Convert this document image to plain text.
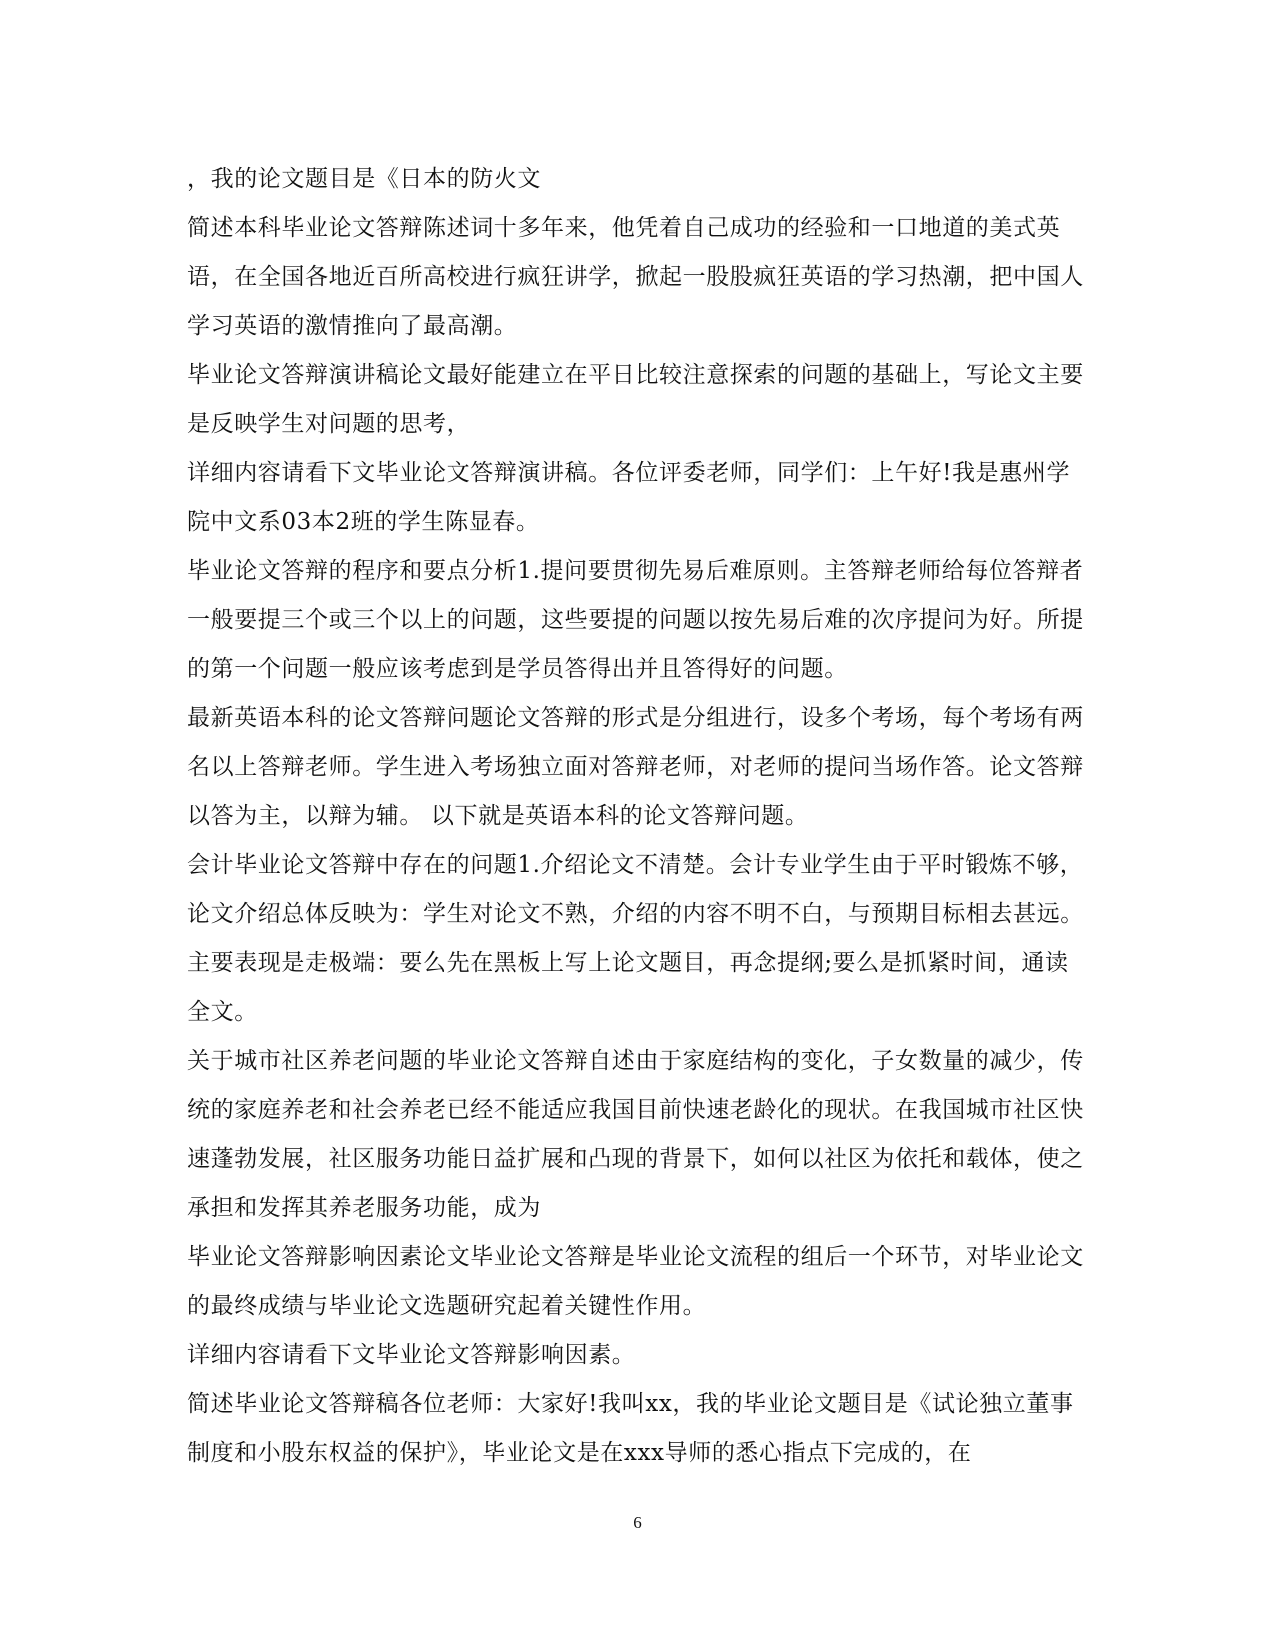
，我的论文题目是《日本的防火文

简述本科毕业论文答辩陈述词十多年来，他凭着自己成功的经验和一口地道的美式英语，在全国各地近百所高校进行疯狂讲学，掀起一股股疯狂英语的学习热潮，把中国人学习英语的激情推向了最高潮。

毕业论文答辩演讲稿论文最好能建立在平日比较注意探索的问题的基础上，写论文主要是反映学生对问题的思考，

详细内容请看下文毕业论文答辩演讲稿。各位评委老师，同学们：上午好!我是惠州学院中文系03本2班的学生陈显春。

毕业论文答辩的程序和要点分析1.提问要贯彻先易后难原则。主答辩老师给每位答辩者一般要提三个或三个以上的问题，这些要提的问题以按先易后难的次序提问为好。所提的第一个问题一般应该考虑到是学员答得出并且答得好的问题。

最新英语本科的论文答辩问题论文答辩的形式是分组进行，设多个考场，每个考场有两名以上答辩老师。学生进入考场独立面对答辩老师，对老师的提问当场作答。论文答辩以答为主，以辩为辅。 以下就是英语本科的论文答辩问题。

会计毕业论文答辩中存在的问题1.介绍论文不清楚。会计专业学生由于平时锻炼不够，论文介绍总体反映为：学生对论文不熟，介绍的内容不明不白，与预期目标相去甚远。主要表现是走极端：要么先在黑板上写上论文题目，再念提纲;要么是抓紧时间，通读全文。

关于城市社区养老问题的毕业论文答辩自述由于家庭结构的变化，子女数量的减少，传统的家庭养老和社会养老已经不能适应我国目前快速老龄化的现状。在我国城市社区快速蓬勃发展，社区服务功能日益扩展和凸现的背景下，如何以社区为依托和载体，使之承担和发挥其养老服务功能，成为

毕业论文答辩影响因素论文毕业论文答辩是毕业论文流程的组后一个环节，对毕业论文的最终成绩与毕业论文选题研究起着关键性作用。

详细内容请看下文毕业论文答辩影响因素。

简述毕业论文答辩稿各位老师：大家好!我叫xx，我的毕业论文题目是《试论独立董事制度和小股东权益的保护》，毕业论文是在xxx导师的悉心指点下完成的，在

6
